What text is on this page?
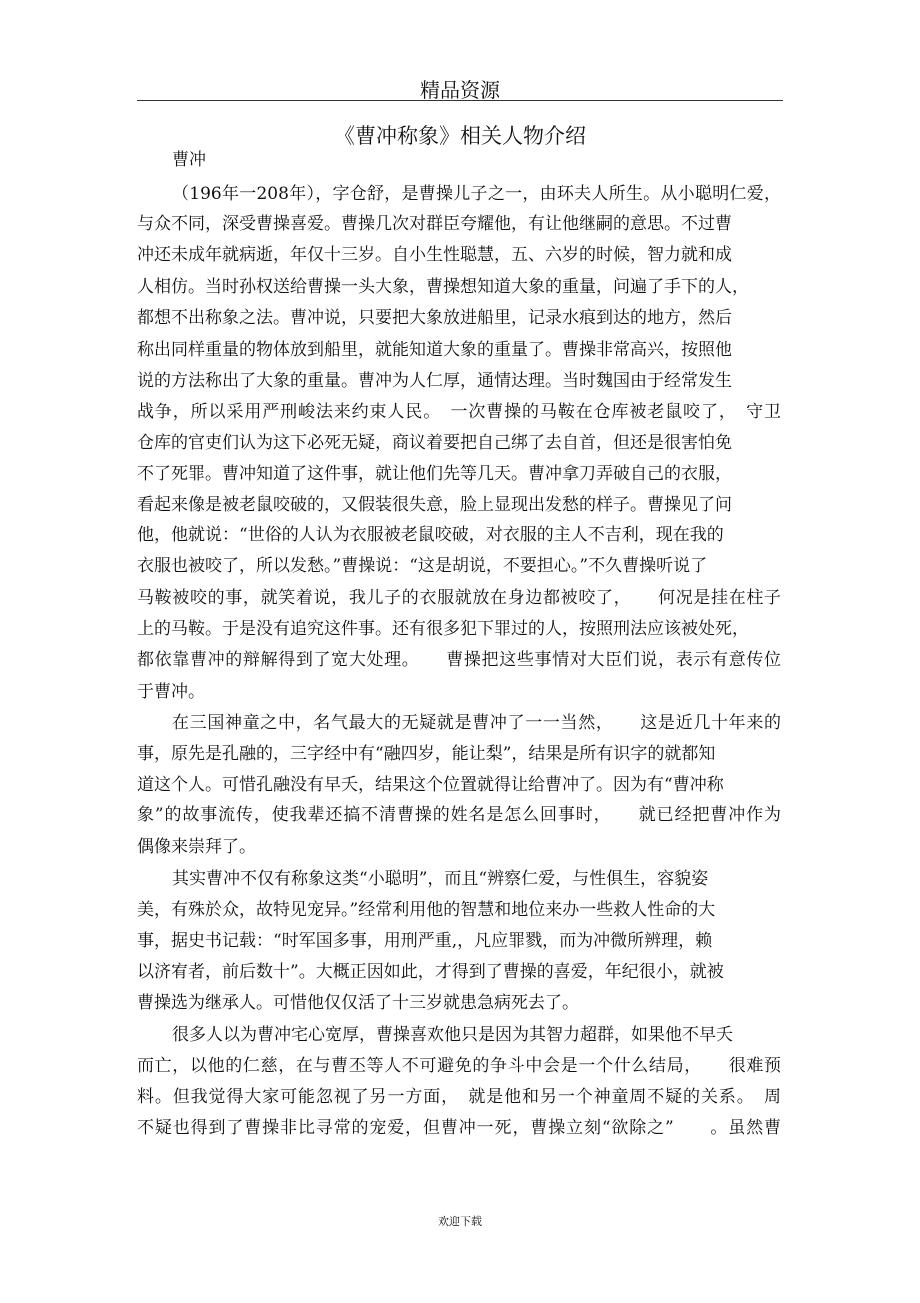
精品资源
《曹冲称象》相关人物介绍
曹冲
（196年一208年），字仓舒，是曹操儿子之一，由环夫人所生。从小聪明仁爱，
与众不同，深受曹操喜爱。曹操几次对群臣夸耀他，有让他继嗣的意思。不过曹
冲还未成年就病逝，年仅十三岁。自小生性聪慧，五、六岁的时候，智力就和成
人相仿。当时孙权送给曹操一头大象，曹操想知道大象的重量，问遍了手下的人，
都想不出称象之法。曹冲说，只要把大象放进船里，记录水痕到达的地方，然后
称出同样重量的物体放到船里，就能知道大象的重量了。曹操非常高兴，按照他
说的方法称出了大象的重量。曹冲为人仁厚，通情达理。当时魏国由于经常发生
战争，所以采用严刑峻法来约束人民。　一次曹操的马鞍在仓库被老鼠咬了，　守卫
仓库的官吏们认为这下必死无疑，商议着要把自己绑了去自首，但还是很害怕免
不了死罪。曹冲知道了这件事，就让他们先等几天。曹冲拿刀弄破自己的衣服，
看起来像是被老鼠咬破的，又假装很失意，脸上显现出发愁的样子。曹操见了问
他，他就说：“世俗的人认为衣服被老鼠咬破，对衣服的主人不吉利，现在我的
衣服也被咬了，所以发愁。”曹操说：“这是胡说，不要担心。”不久曹操听说了
马鞍被咬的事，就笑着说，我儿子的衣服就放在身边都被咬了，　　何况是挂在柱子
上的马鞍。于是没有追究这件事。还有很多犯下罪过的人，按照刑法应该被处死，
都依靠曹冲的辩解得到了宽大处理。　　曹操把这些事情对大臣们说，表示有意传位
于曹冲。
在三国神童之中，名气最大的无疑就是曹冲了一一当然，　　这是近几十年来的
事，原先是孔融的，三字经中有“融四岁，能让梨”，结果是所有识字的就都知
道这个人。可惜孔融没有早夭，结果这个位置就得让给曹冲了。因为有“曹冲称
象”的故事流传，使我辈还搞不清曹操的姓名是怎么回事时，　　就已经把曹冲作为
偶像来崇拜了。
其实曹冲不仅有称象这类“小聪明”，而且“辨察仁爱，与性俱生，容貌姿
美，有殊於众，故特见宠异。”经常利用他的智慧和地位来办一些救人性命的大
事，据史书记载：“时军国多事，用刑严重,，凡应罪戮，而为冲微所辨理，赖
以济宥者，前后数十”。大概正因如此，才得到了曹操的喜爱，年纪很小，就被
曹操选为继承人。可惜他仅仅活了十三岁就患急病死去了。
很多人以为曹冲宅心宽厚，曹操喜欢他只是因为其智力超群，如果他不早夭
而亡，以他的仁慈，在与曹丕等人不可避免的争斗中会是一个什么结局，　　很难预
料。但我觉得大家可能忽视了另一方面，　就是他和另一个神童周不疑的关系。　周
不疑也得到了曹操非比寻常的宠爱，但曹冲一死，曹操立刻“欲除之”　　。虽然曹
欢迎下载
